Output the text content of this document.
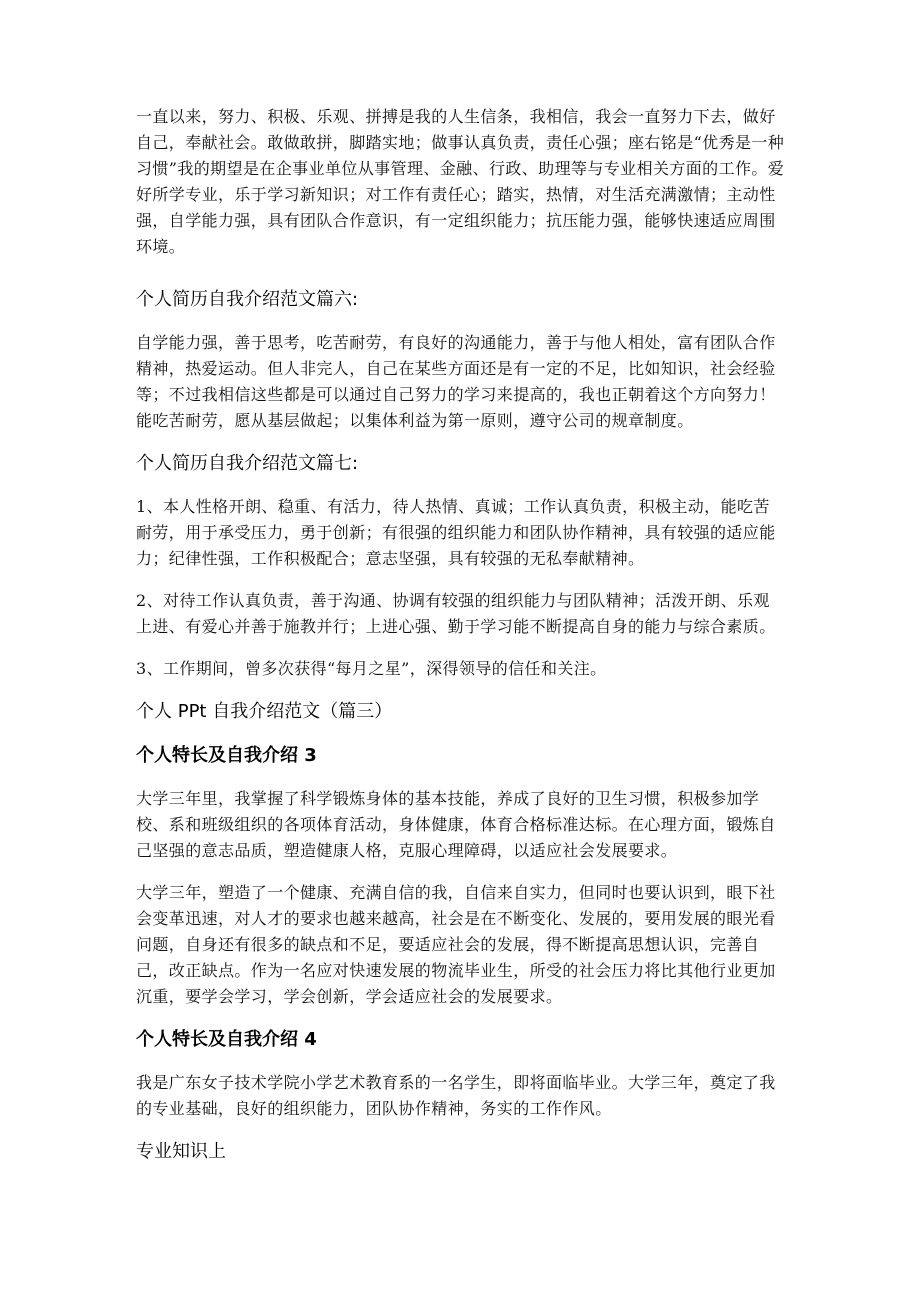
一直以来，努力、积极、乐观、拼搏是我的人生信条，我相信，我会一直努力下去，做好自己，奉献社会。敢做敢拼，脚踏实地；做事认真负责，责任心强；座右铭是“优秀是一种习惯”我的期望是在企事业单位从事管理、金融、行政、助理等与专业相关方面的工作。爱好所学专业，乐于学习新知识；对工作有责任心；踏实，热情，对生活充满激情；主动性强，自学能力强，具有团队合作意识，有一定组织能力；抗压能力强，能够快速适应周围环境。

个人简历自我介绍范文篇六:

自学能力强，善于思考，吃苦耐劳，有良好的沟通能力，善于与他人相处，富有团队合作精神，热爱运动。但人非完人，自己在某些方面还是有一定的不足，比如知识，社会经验等；不过我相信这些都是可以通过自己努力的学习来提高的，我也正朝着这个方向努力！能吃苦耐劳，愿从基层做起；以集体利益为第一原则，遵守公司的规章制度。

个人简历自我介绍范文篇七:

1、本人性格开朗、稳重、有活力，待人热情、真诚；工作认真负责，积极主动，能吃苦耐劳，用于承受压力，勇于创新；有很强的组织能力和团队协作精神，具有较强的适应能力；纪律性强，工作积极配合；意志坚强，具有较强的无私奉献精神。

2、对待工作认真负责，善于沟通、协调有较强的组织能力与团队精神；活泼开朗、乐观上进、有爱心并善于施教并行；上进心强、勤于学习能不断提高自身的能力与综合素质。

3、工作期间，曾多次获得“每月之星”，深得领导的信任和关注。

个人 PPt 自我介绍范文（篇三）
个人特长及自我介绍 3

大学三年里，我掌握了科学锻炼身体的基本技能，养成了良好的卫生习惯，积极参加学校、系和班级组织的各项体育活动，身体健康，体育合格标准达标。在心理方面，锻炼自己坚强的意志品质，塑造健康人格，克服心理障碍，以适应社会发展要求。

大学三年，塑造了一个健康、充满自信的我，自信来自实力，但同时也要认识到，眼下社会变革迅速，对人才的要求也越来越高，社会是在不断变化、发展的，要用发展的眼光看问题，自身还有很多的缺点和不足，要适应社会的发展，得不断提高思想认识，完善自己，改正缺点。作为一名应对快速发展的物流毕业生，所受的社会压力将比其他行业更加沉重，要学会学习，学会创新，学会适应社会的发展要求。

个人特长及自我介绍 4

我是广东女子技术学院小学艺术教育系的一名学生，即将面临毕业。大学三年，奠定了我的专业基础，良好的组织能力，团队协作精神，务实的工作作风。

专业知识上
